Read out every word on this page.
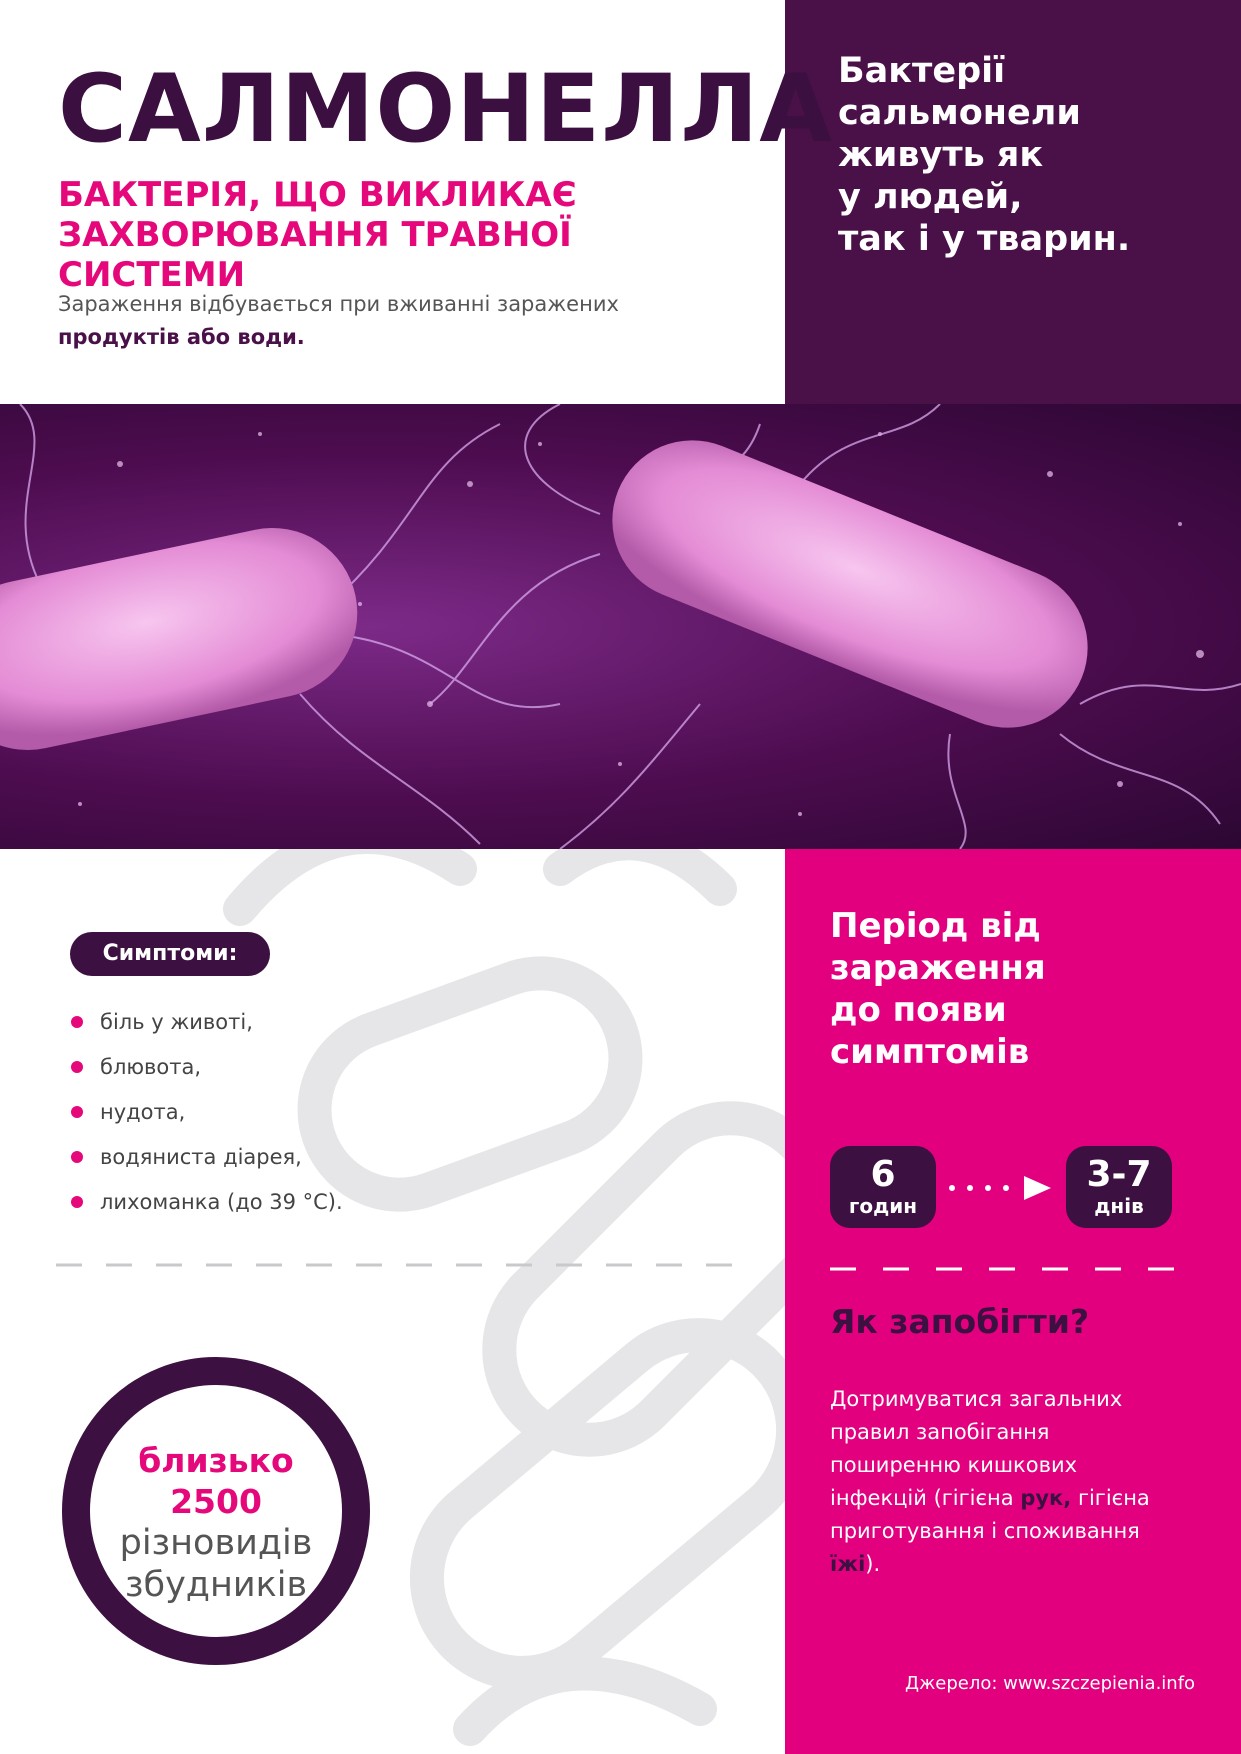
Бактерії
сальмонели
живуть як
у людей,
так і у тварин.
САЛМОНЕЛЛА
БАКТЕРІЯ, ЩО ВИКЛИКАЄ
ЗАХВОРЮВАННЯ ТРАВНОЇ СИСТЕМИ
Зараження відбувається при вживанні заражених продуктів або води.
Симптоми:
біль у животі,
блювота,
нудота,
водяниста діарея,
лихоманка (до 39 °C).
близько
2500
різновидів
збудників
Період від
зараження
до появи
симптомів
6
годин
3-7
днів
Як запобігти?
Дотримуватися загальних правил запобігання поширенню кишкових інфекцій (гігієна рук, гігієна приготування і споживання їжі).
Джерело: www.szczepienia.info
